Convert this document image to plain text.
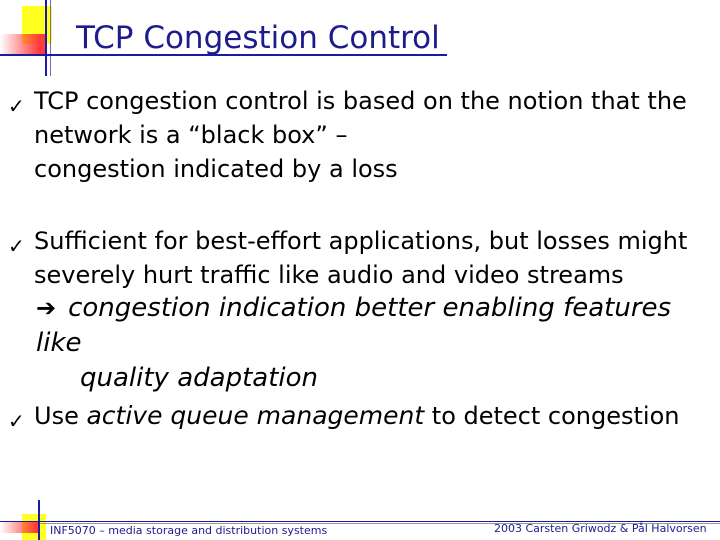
TCP Congestion Control
✓ TCP congestion control is based on the notion that the
network is a “black box” –
congestion indicated by a loss
✓ Sufficient for best-effort applications, but losses might
severely hurt traffic like audio and video streams
➔ congestion indication better enabling features like
quality adaptation
✓ Use active queue management to detect congestion
INF5070 – media storage and distribution systems	2003 Carsten Griwodz & Pål Halvorsen
